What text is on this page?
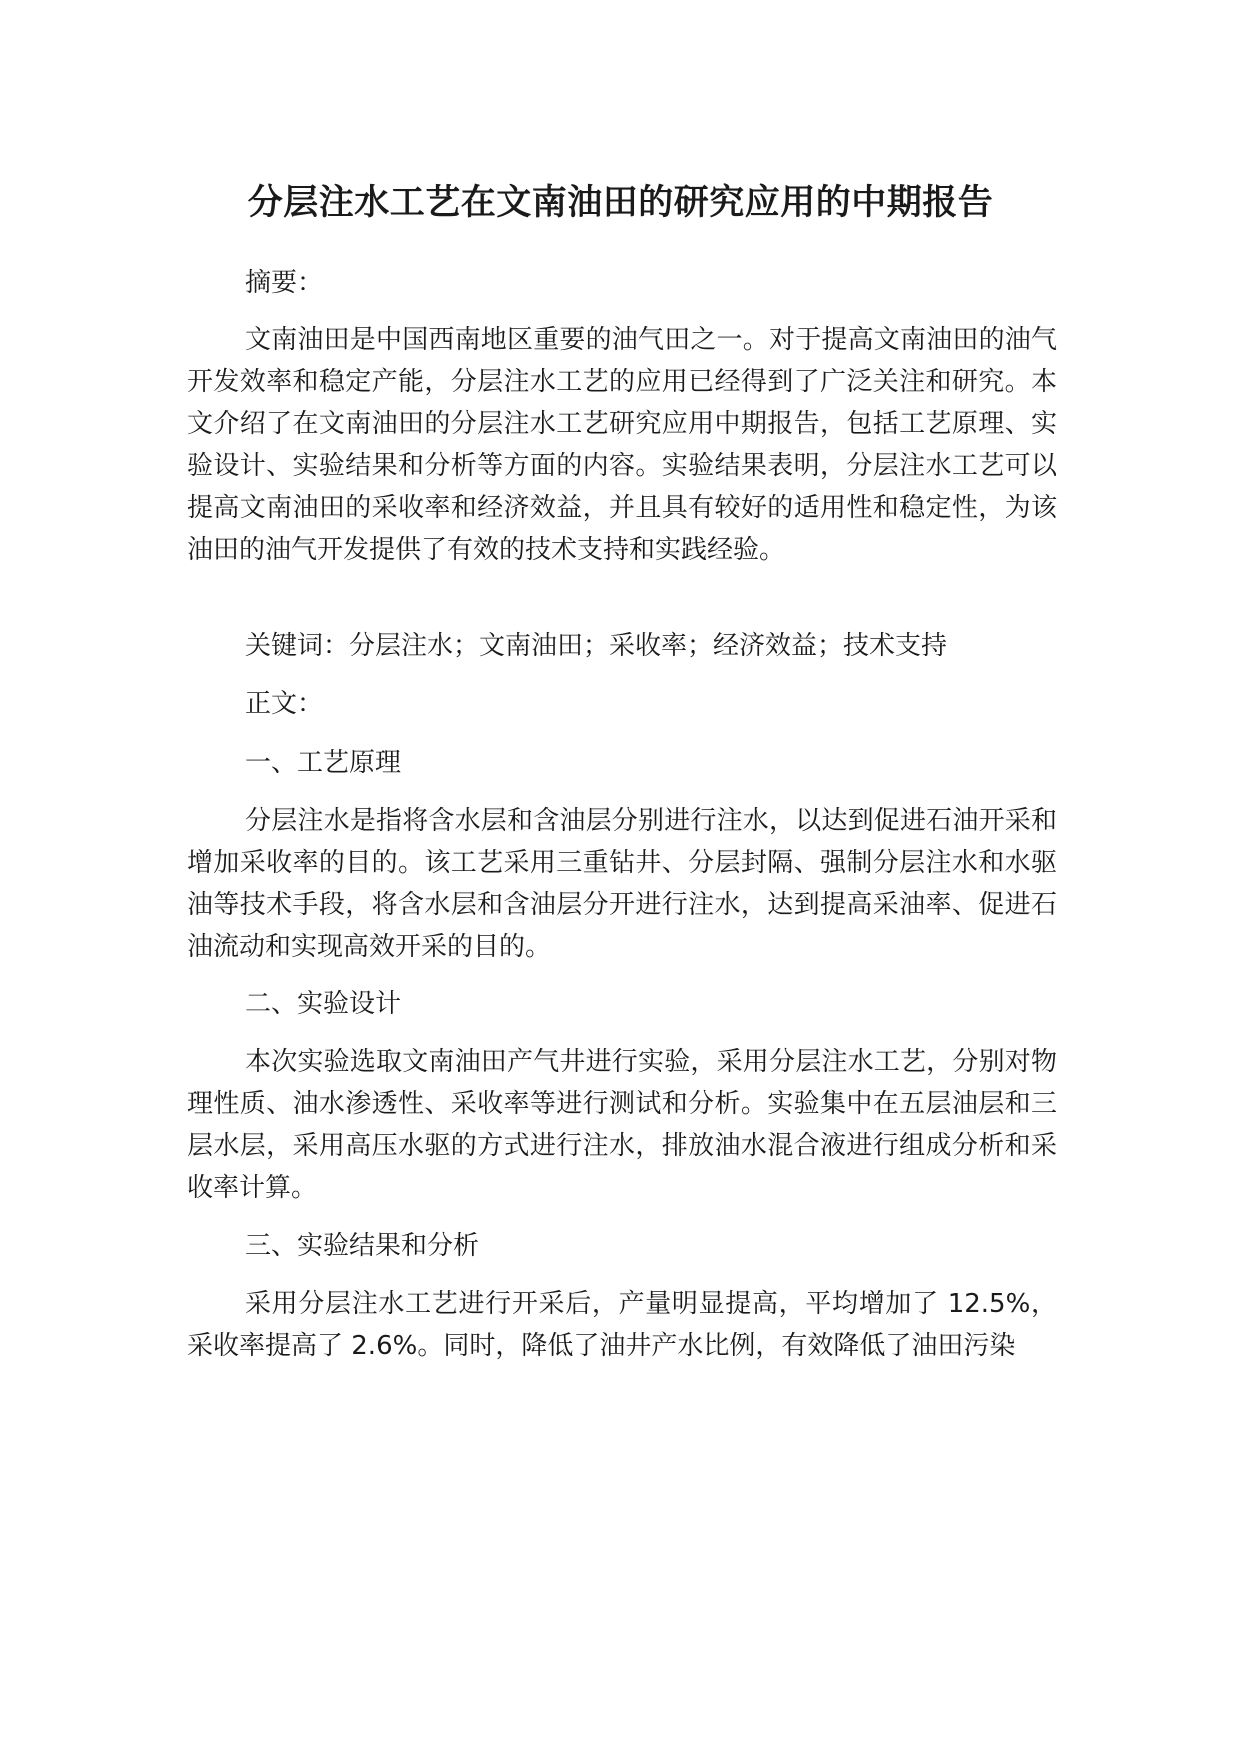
分层注水工艺在文南油田的研究应用的中期报告

摘要：

文南油田是中国西南地区重要的油气田之一。对于提高文南油田的油气开发效率和稳定产能，分层注水工艺的应用已经得到了广泛关注和研究。本文介绍了在文南油田的分层注水工艺研究应用中期报告，包括工艺原理、实验设计、实验结果和分析等方面的内容。实验结果表明，分层注水工艺可以提高文南油田的采收率和经济效益，并且具有较好的适用性和稳定性，为该油田的油气开发提供了有效的技术支持和实践经验。

关键词：分层注水；文南油田；采收率；经济效益；技术支持

正文：

一、工艺原理

分层注水是指将含水层和含油层分别进行注水，以达到促进石油开采和增加采收率的目的。该工艺采用三重钻井、分层封隔、强制分层注水和水驱油等技术手段，将含水层和含油层分开进行注水，达到提高采油率、促进石油流动和实现高效开采的目的。

二、实验设计

本次实验选取文南油田产气井进行实验，采用分层注水工艺，分别对物理性质、油水渗透性、采收率等进行测试和分析。实验集中在五层油层和三层水层，采用高压水驱的方式进行注水，排放油水混合液进行组成分析和采收率计算。

三、实验结果和分析

采用分层注水工艺进行开采后，产量明显提高，平均增加了 12.5%，采收率提高了 2.6%。同时，降低了油井产水比例，有效降低了油田污染
